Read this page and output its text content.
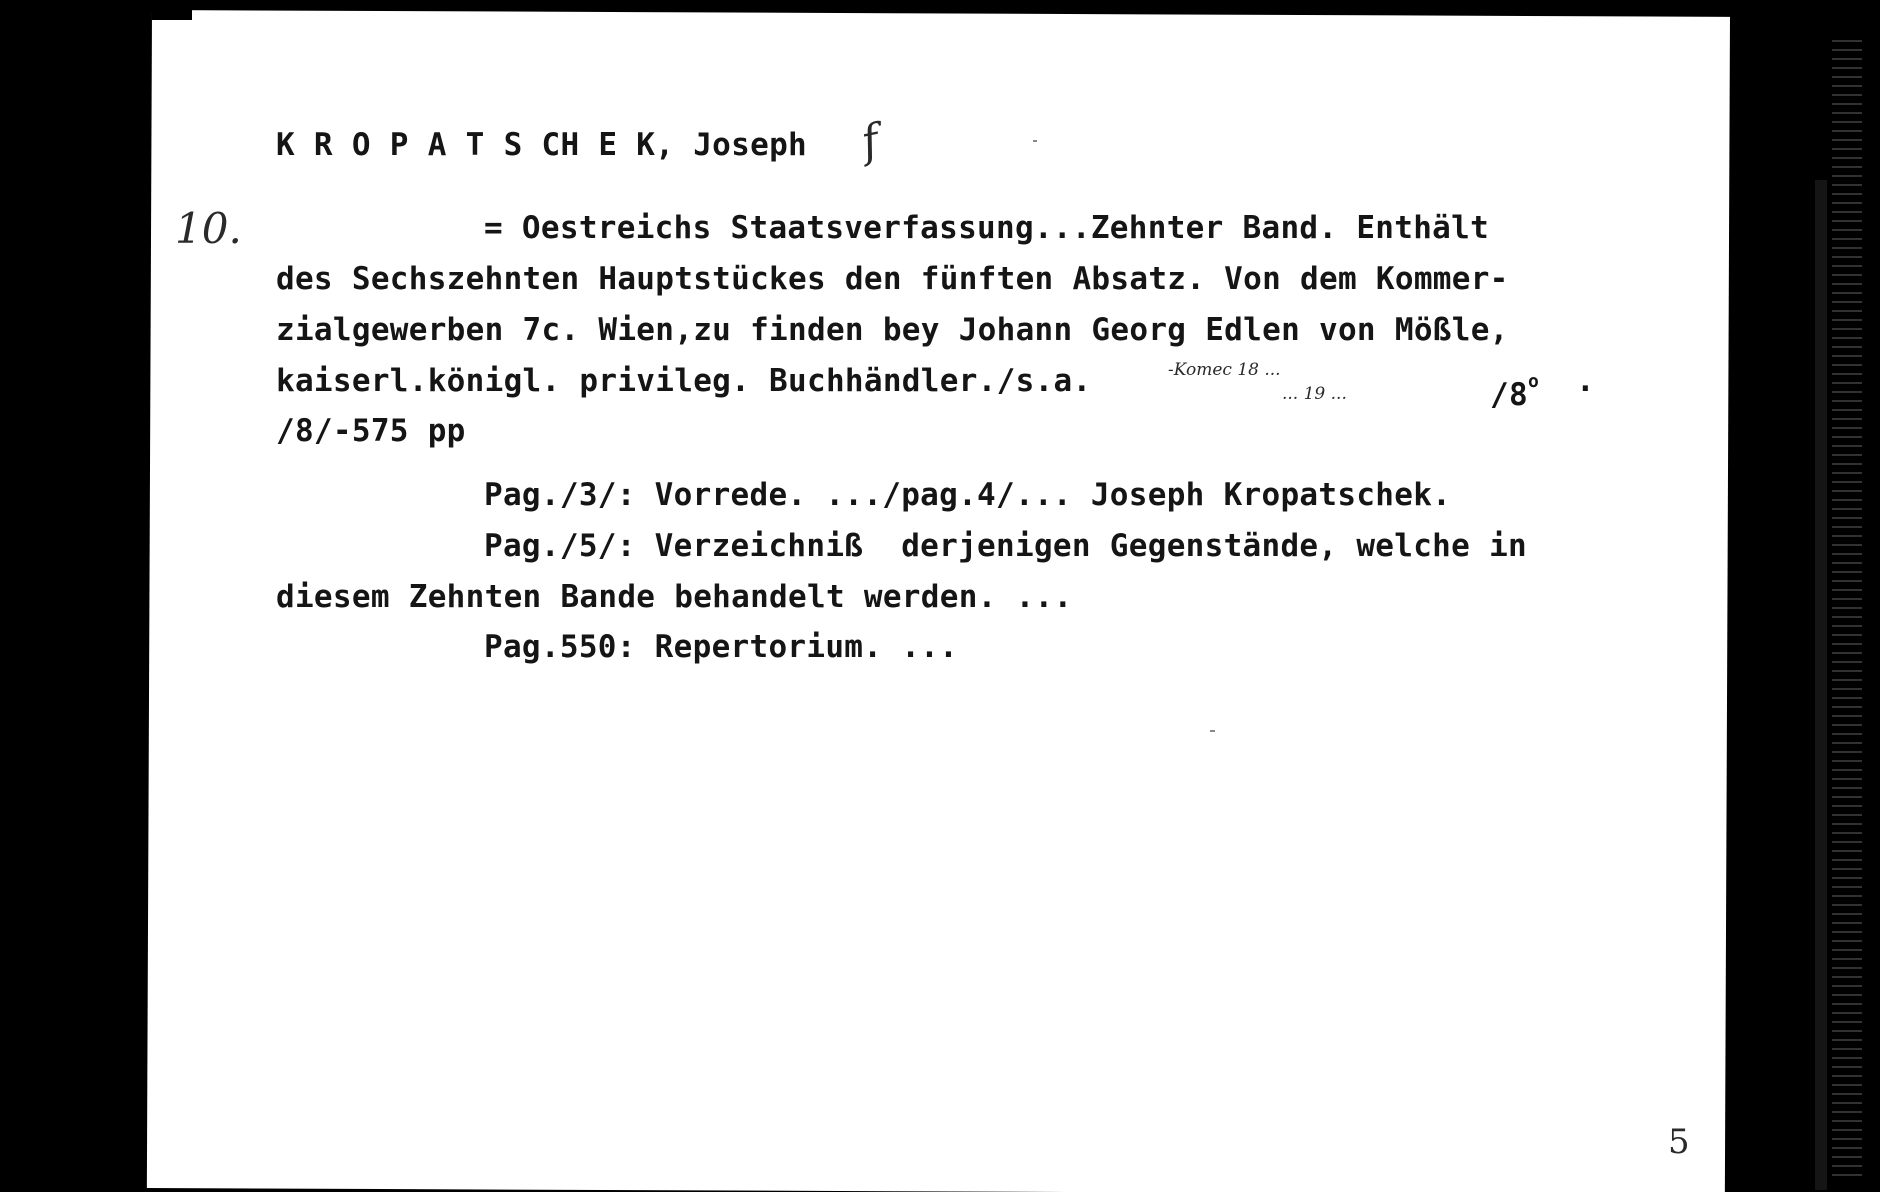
K R O P A T S CH E K, Joseph f
10.	= Oestreichs Staatsverfassung...Zehnter Band. Enthält
des Sechszehnten Hauptstückes den fünften Absatz. Von dem Kommer-
zialgewerben 7c. Wien,zu finden bey Johann Georg Edlen von Mößle,
kaiserl.königl. privileg. Buchhändler./s.a.	-Komec 18 ...
... 19 ...	/8$^o$ .
/8/-575 pp
Pag./3/: Vorrede. .../pag.4/... Joseph Kropatschek.
Pag./5/: Verzeichniß  derjenigen Gegenstände, welche in
diesem Zehnten Bande behandelt werden. ...
Pag.550: Repertorium. ...
5
